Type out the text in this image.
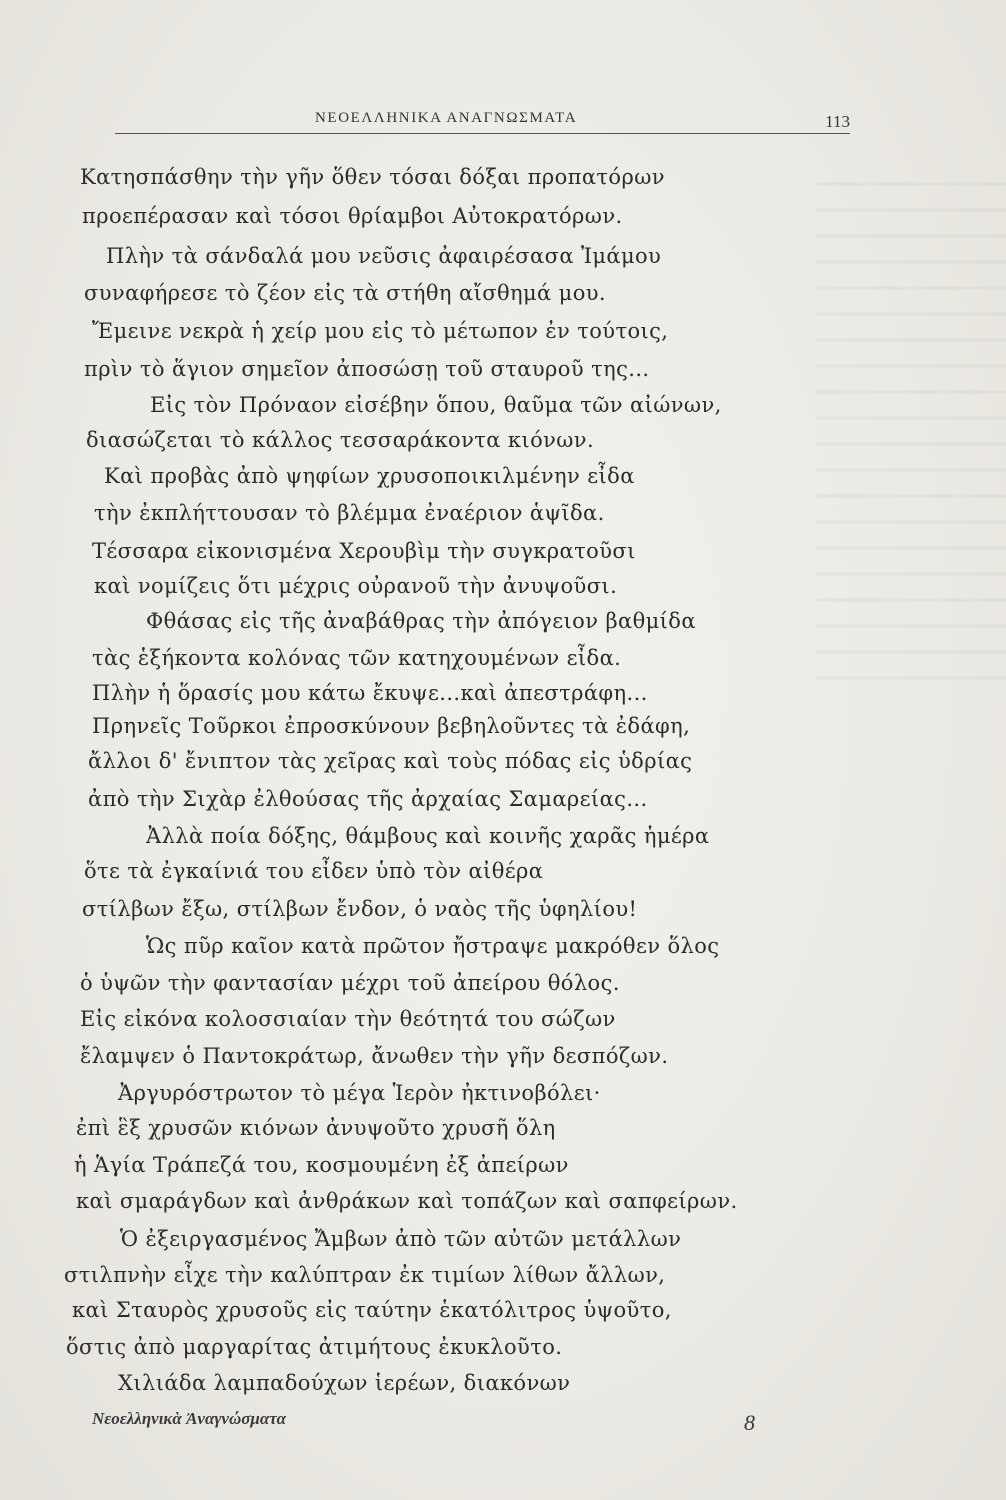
ΝΕΟΕΛΛΗΝΙΚΑ ΑΝΑΓΝΩΣΜΑΤΑ	113
Κατησπάσθην τὴν γῆν ὅθεν τόσαι δόξαι προπατόρων
προεπέρασαν καὶ τόσοι θρίαμβοι Αὐτοκρατόρων.
Πλὴν τὰ σάνδαλά μου νεῦσις ἀφαιρέσασα Ἰμάμου
συναφήρεσε τὸ ζέον εἰς τὰ στήθη αἴσθημά μου.
Ἔμεινε νεκρὰ ἡ χείρ μου εἰς τὸ μέτωπον ἐν τούτοις,
πρὶν τὸ ἅγιον σημεῖον ἀποσώσῃ τοῦ σταυροῦ της...
Εἰς τὸν Πρόναον εἰσέβην ὅπου, θαῦμα τῶν αἰώνων,
διασώζεται τὸ κάλλος τεσσαράκοντα κιόνων.
Καὶ προβὰς ἀπὸ ψηφίων χρυσοποικιλμένην εἶδα
τὴν ἐκπλήττουσαν τὸ βλέμμα ἐναέριον ἁψῖδα.
Τέσσαρα εἰκονισμένα Χερουβὶμ τὴν συγκρατοῦσι
καὶ νομίζεις ὅτι μέχρις οὐρανοῦ τὴν ἀνυψοῦσι.
Φθάσας εἰς τῆς ἀναβάθρας τὴν ἀπόγειον βαθμίδα
τὰς ἑξήκοντα κολόνας τῶν κατηχουμένων εἶδα.
Πλὴν ἡ ὅρασίς μου κάτω ἔκυψε...καὶ ἀπεστράφη...
Πρηνεῖς Τοῦρκοι ἐπροσκύνουν βεβηλοῦντες τὰ ἐδάφη,
ἄλλοι δ' ἔνιπτον τὰς χεῖρας καὶ τοὺς πόδας εἰς ὑδρίας
ἀπὸ τὴν Σιχὰρ ἐλθούσας τῆς ἀρχαίας Σαμαρείας...
Ἀλλὰ ποία δόξης, θάμβους καὶ κοινῆς χαρᾶς ἡμέρα
ὅτε τὰ ἐγκαίνιά του εἶδεν ὑπὸ τὸν αἰθέρα
στίλβων ἔξω, στίλβων ἔνδον, ὁ ναὸς τῆς ὑφηλίου!
Ὡς πῦρ καῖον κατὰ πρῶτον ἤστραψε μακρόθεν ὅλος
ὁ ὑψῶν τὴν φαντασίαν μέχρι τοῦ ἀπείρου θόλος.
Εἰς εἰκόνα κολοσσιαίαν τὴν θεότητά του σώζων
ἔλαμψεν ὁ Παντοκράτωρ, ἄνωθεν τὴν γῆν δεσπόζων.
Ἀργυρόστρωτον τὸ μέγα Ἱερὸν ἠκτινοβόλει·
ἐπὶ ἓξ χρυσῶν κιόνων ἀνυψοῦτο χρυσῆ ὅλη
ἡ Ἁγία Τράπεζά του, κοσμουμένη ἐξ ἀπείρων
καὶ σμαράγδων καὶ ἀνθράκων καὶ τοπάζων καὶ σαπφείρων.
Ὁ ἐξειργασμένος Ἄμβων ἀπὸ τῶν αὐτῶν μετάλλων
στιλπνὴν εἶχε τὴν καλύπτραν ἐκ τιμίων λίθων ἄλλων,
καὶ Σταυρὸς χρυσοῦς εἰς ταύτην ἑκατόλιτρος ὑψοῦτο,
ὅστις ἀπὸ μαργαρίτας ἀτιμήτους ἐκυκλοῦτο.
Χιλιάδα λαμπαδούχων ἱερέων, διακόνων
Νεοελληνικὰ Ἀναγνώσματα	8
